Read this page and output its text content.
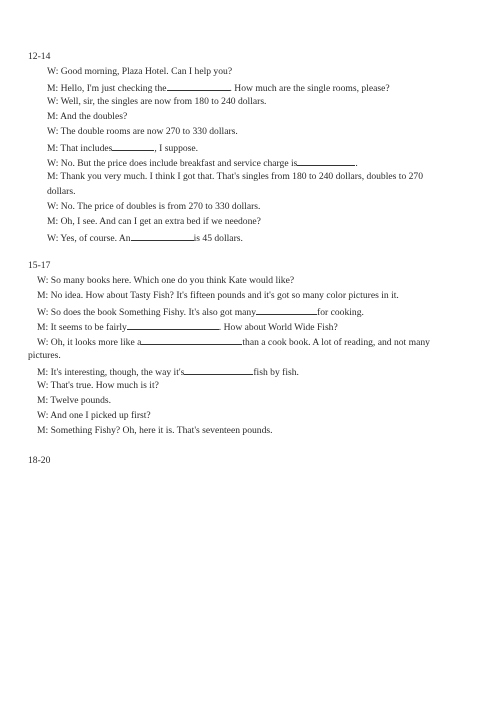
12-14
W: Good morning, Plaza Hotel. Can I help you?
M: Hello, I'm just checking the	. How much are the single rooms, please?
W: Well, sir, the singles are now from 180 to 240 dollars.
M: And the doubles?
W: The double rooms are now 270 to 330 dollars.
M: That includes	, I suppose.
W: No. But the price does include breakfast and service charge is	.
M: Thank you very much. I think I got that. That's singles from 180 to 240 dollars, doubles to 270
dollars.
W: No. The price of doubles is from 270 to 330 dollars.
M: Oh, I see. And can I get an extra bed if we needone?
W: Yes, of course. An	is 45 dollars.
15-17
W: So many books here. Which one do you think Kate would like?
M: No idea. How about Tasty Fish? It's fifteen pounds and it's got so many color pictures in it.
W: So does the book Something Fishy. It's also got many	for cooking.
M: It seems to be fairly	. How about World Wide Fish?
W: Oh, it looks more like a	than a cook book. A lot of reading, and not many
pictures.
M: It's interesting, though, the way it's	fish by fish.
W: That's true. How much is it?
M: Twelve pounds.
W: And one I picked up first?
M: Something Fishy? Oh, here it is. That's seventeen pounds.
18-20
